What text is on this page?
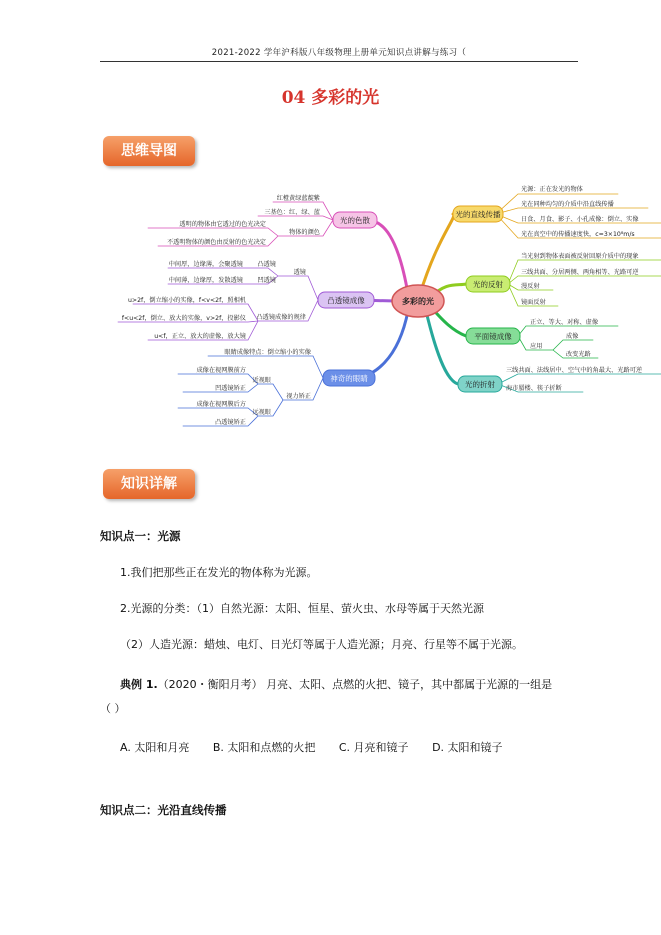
2021-2022 学年沪科版八年级物理上册单元知识点讲解与练习（
04 多彩的光
思维导图
多彩的光
光的色散
凸透镜成像
神奇的眼睛
光的直线传播
光的反射
平面镜成像
光的折射
光源：正在发光的物体
光在同种均匀的介质中沿直线传播
日食、月食、影子、小孔成像：倒立、实像
光在真空中的传播速度快，c=3×10⁸m/s
当光射到物体表面被反射回原介质中的现象
三线共面、分居两侧、两角相等、光路可逆
漫反射
镜面反射
正立、等大、对称、虚像
应用
成像
改变光路
三线共面、法线居中、空气中的角最大、光路可逆
海市蜃楼、筷子折断
红橙黄绿蓝靛紫
三基色：红、绿、蓝
物体的颜色
透明的物体由它透过的色光决定
不透明物体的颜色由反射的色光决定
透镜
凸透镜
中间厚，边缘薄，会聚透镜
凹透镜
中间薄，边缘厚，发散透镜
凸透镜成像的规律
u>2f，倒立缩小的实像，f<v<2f，照相机
f<u<2f，倒立、放大的实像，v>2f，投影仪
u<f，正立、放大的虚像，放大镜
眼睛成像特点：倒立缩小的实像
视力矫正
近视眼
成像在视网膜前方
凹透镜矫正
远视眼
成像在视网膜后方
凸透镜矫正
知识详解
知识点一：光源
1.我们把那些正在发光的物体称为光源。
2.光源的分类：（1）自然光源：太阳、恒星、萤火虫、水母等属于天然光源
（2）人造光源：蜡烛、电灯、日光灯等属于人造光源；月亮、行星等不属于光源。
典例 1.（2020・衡阳月考） 月亮、太阳、点燃的火把、镜子，其中都属于光源的一组是
（ ）
A. 太阳和月亮 B. 太阳和点燃的火把 C. 月亮和镜子 D. 太阳和镜子
知识点二：光沿直线传播
